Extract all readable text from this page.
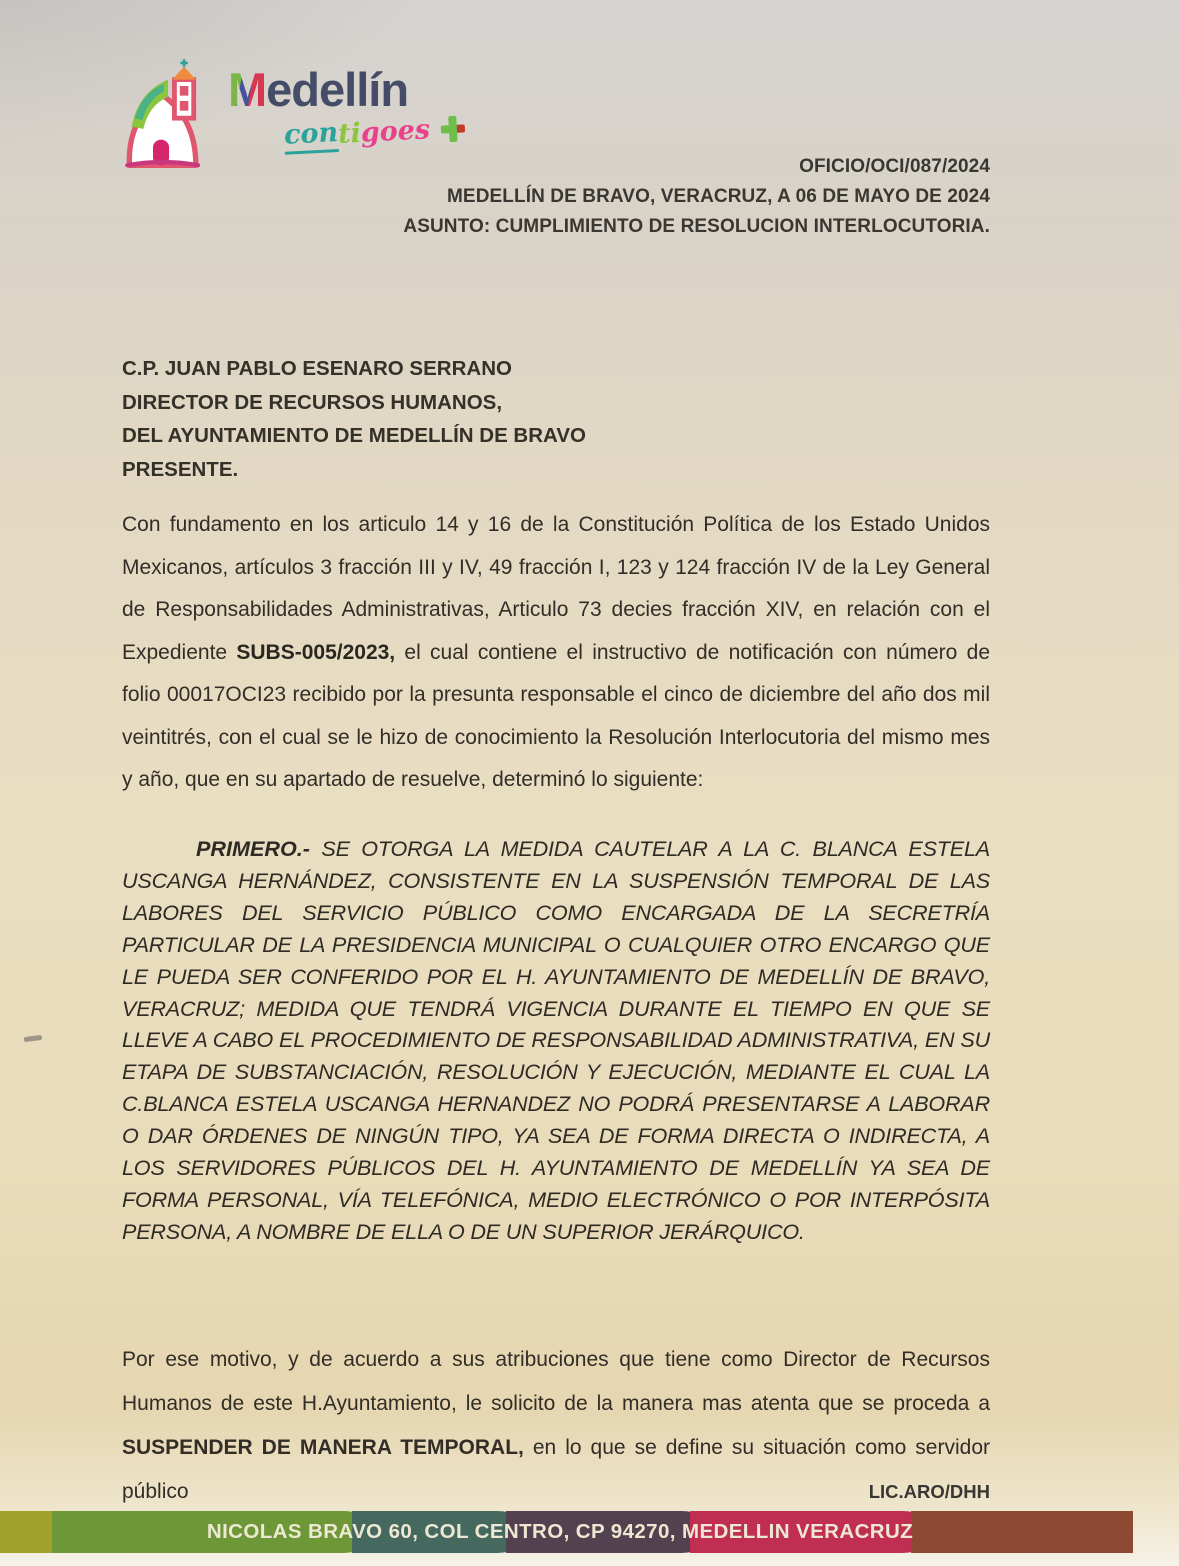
Medellín
con
ti
goes
OFICIO/OCI/087/2024
MEDELLÍN DE BRAVO, VERACRUZ, A 06 DE MAYO DE 2024
ASUNTO: CUMPLIMIENTO DE RESOLUCION INTERLOCUTORIA.
C.P. JUAN PABLO ESENARO SERRANO
DIRECTOR DE RECURSOS HUMANOS,
DEL AYUNTAMIENTO DE MEDELLÍN DE BRAVO
PRESENTE.

Con fundamento en los articulo 14 y 16 de la Constitución Política de los Estado Unidos Mexicanos, artículos 3 fracción III y IV, 49 fracción I, 123 y 124 fracción IV de la Ley General de Responsabilidades Administrativas, Articulo 73 decies fracción XIV, en relación con el Expediente SUBS-005/2023, el cual contiene el instructivo de notificación con número de folio 00017OCI23 recibido por la presunta responsable el cinco de diciembre del año dos mil veintitrés, con el cual se le hizo de conocimiento la Resolución Interlocutoria del mismo mes y año, que en su apartado de resuelve, determinó lo siguiente:

PRIMERO.- SE OTORGA LA MEDIDA CAUTELAR A LA C. BLANCA ESTELA USCANGA HERNÁNDEZ, CONSISTENTE EN LA SUSPENSIÓN TEMPORAL DE LAS LABORES DEL SERVICIO PÚBLICO COMO ENCARGADA DE LA SECRETRÍA PARTICULAR DE LA PRESIDENCIA MUNICIPAL O CUALQUIER OTRO ENCARGO QUE LE PUEDA SER CONFERIDO POR EL H. AYUNTAMIENTO DE MEDELLÍN DE BRAVO, VERACRUZ; MEDIDA QUE TENDRÁ VIGENCIA DURANTE EL TIEMPO EN QUE SE LLEVE A CABO EL PROCEDIMIENTO DE RESPONSABILIDAD ADMINISTRATIVA, EN SU ETAPA DE SUBSTANCIACIÓN, RESOLUCIÓN Y EJECUCIÓN, MEDIANTE EL CUAL LA C.BLANCA ESTELA USCANGA HERNANDEZ NO PODRÁ PRESENTARSE A LABORAR O DAR ÓRDENES DE NINGÚN TIPO, YA SEA DE FORMA DIRECTA O INDIRECTA, A LOS SERVIDORES PÚBLICOS DEL H. AYUNTAMIENTO DE MEDELLÍN YA SEA DE FORMA PERSONAL, VÍA TELEFÓNICA, MEDIO ELECTRÓNICO O POR INTERPÓSITA PERSONA, A NOMBRE DE ELLA O DE UN SUPERIOR JERÁRQUICO.

Por ese motivo, y de acuerdo a sus atribuciones que tiene como Director de Recursos Humanos de este H.Ayuntamiento, le solicito de la manera mas atenta que se proceda a SUSPENDER DE MANERA TEMPORAL, en lo que se define su situación como servidor público	LIC.ARO/DHH
NICOLAS BRAVO 60, COL CENTRO, CP 94270, MEDELLIN VERACRUZ
